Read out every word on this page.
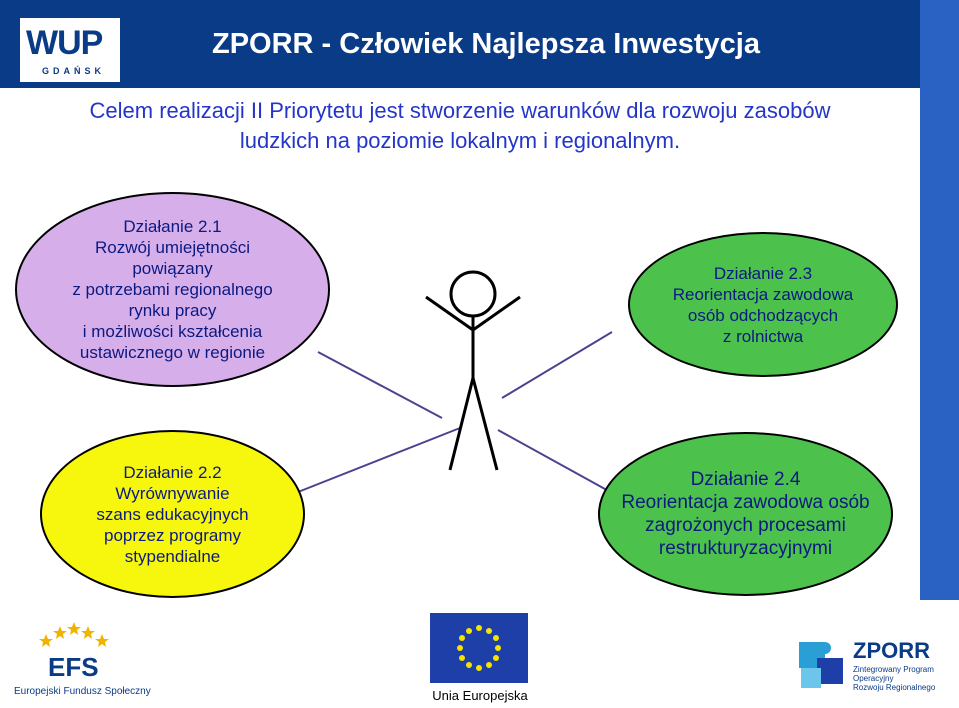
WUP
GDAŃSK
ZPORR - Człowiek Najlepsza Inwestycja
Celem realizacji II Priorytetu jest stworzenie warunków dla rozwoju zasobów
ludzkich na poziomie lokalnym i regionalnym.
Działanie 2.1
Rozwój umiejętności
powiązany
z potrzebami regionalnego
rynku pracy
i możliwości kształcenia
ustawicznego w regionie
Działanie 2.3
Reorientacja zawodowa
osób odchodzących
z rolnictwa
Działanie 2.2
Wyrównywanie
szans edukacyjnych
poprzez programy
stypendialne
Działanie 2.4
Reorientacja zawodowa osób
zagrożonych procesami
restrukturyzacyjnymi
EFS
Europejski Fundusz Społeczny	Unia Europejska
ZPORR
Zintegrowany Program
Operacyjny
Rozwoju Regionalnego
